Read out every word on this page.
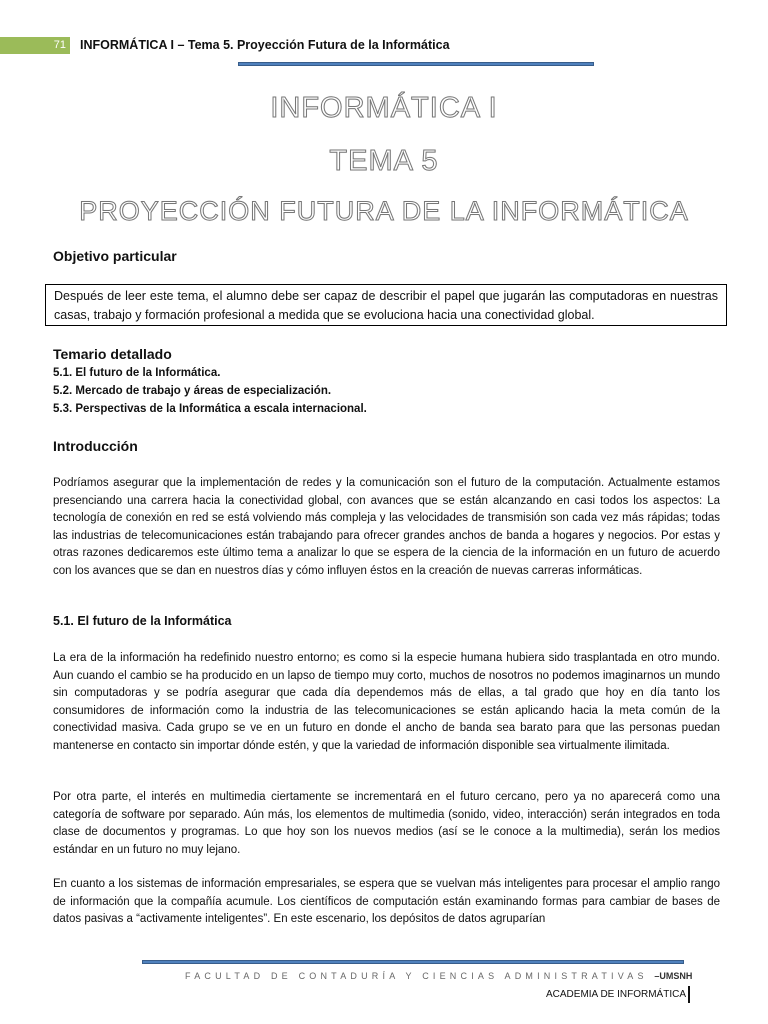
71	INFORMÁTICA I – Tema 5. Proyección Futura de la Informática
INFORMÁTICA I
TEMA 5
PROYECCIÓN FUTURA DE LA INFORMÁTICA
Objetivo particular
Después de leer este tema, el alumno debe ser capaz de describir el papel que jugarán las computadoras en nuestras casas, trabajo y formación profesional a medida que se evoluciona hacia una conectividad global.
Temario detallado
5.1. El futuro de la Informática.
5.2. Mercado de trabajo y áreas de especialización.
5.3. Perspectivas de la Informática a escala internacional.
Introducción
Podríamos asegurar que la implementación de redes y la comunicación son el futuro de la computación. Actualmente estamos presenciando una carrera hacia la conectividad global, con avances que se están alcanzando en casi todos los aspectos: La tecnología de conexión en red se está volviendo más compleja y las velocidades de transmisión son cada vez más rápidas; todas las industrias de telecomunicaciones están trabajando para ofrecer grandes anchos de banda a hogares y negocios. Por estas y otras razones dedicaremos este último tema a analizar lo que se espera de la ciencia de la información en un futuro de acuerdo con los avances que se dan en nuestros días y cómo influyen éstos en la creación de nuevas carreras informáticas.
5.1. El futuro de la Informática
La era de la información ha redefinido nuestro entorno; es como si la especie humana hubiera sido trasplantada en otro mundo. Aun cuando el cambio se ha producido en un lapso de tiempo muy corto, muchos de nosotros no podemos imaginarnos un mundo sin computadoras y se podría asegurar que cada día dependemos más de ellas, a tal grado que hoy en día tanto los consumidores de información como la industria de las telecomunicaciones se están aplicando hacia la meta común de la conectividad masiva. Cada grupo se ve en un futuro en donde el ancho de banda sea barato para que las personas puedan mantenerse en contacto sin importar dónde estén, y que la variedad de información disponible sea virtualmente ilimitada.
Por otra parte, el interés en multimedia ciertamente se incrementará en el futuro cercano, pero ya no aparecerá como una categoría de software por separado. Aún más, los elementos de multimedia (sonido, video, interacción) serán integrados en toda clase de documentos y programas. Lo que hoy son los nuevos medios (así se le conoce a la multimedia), serán los medios estándar en un futuro no muy lejano.
En cuanto a los sistemas de información empresariales, se espera que se vuelvan más inteligentes para procesar el amplio rango de información que la compañía acumule. Los científicos de computación están examinando formas para cambiar de bases de datos pasivas a “activamente inteligentes”. En este escenario, los depósitos de datos agruparían
FACULTAD DE CONTADURÍA Y CIENCIAS ADMINISTRATIVAS –UMSNH
ACADEMIA DE INFORMÁTICA
